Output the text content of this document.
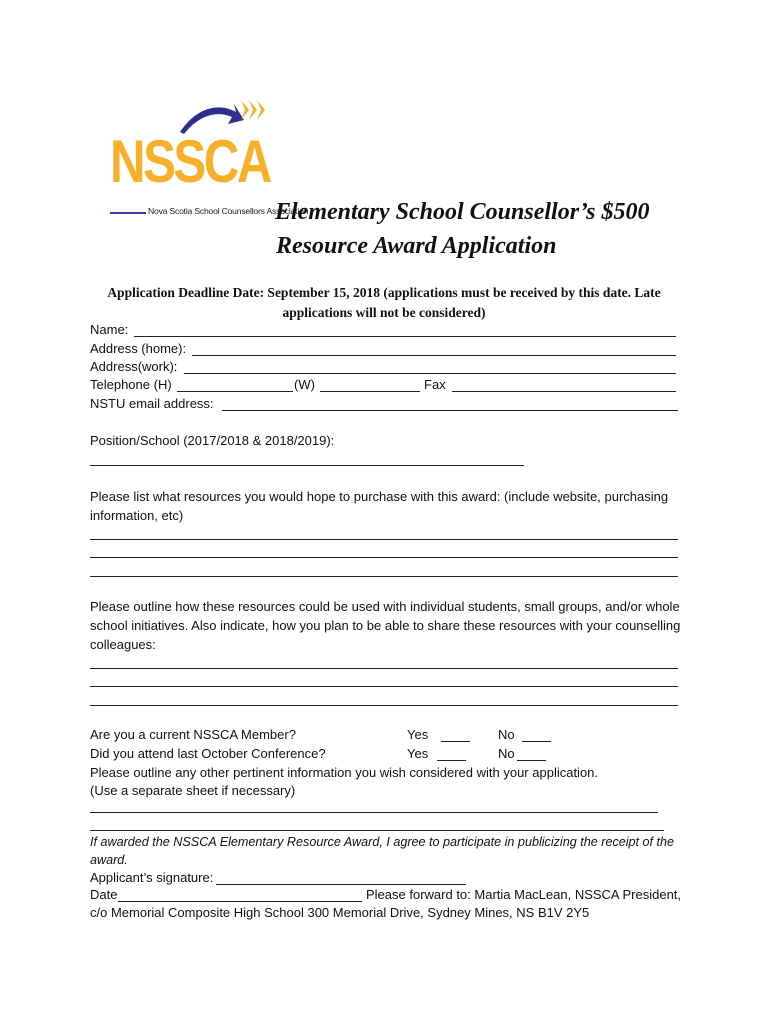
NSSCA
Nova Scotia School Counsellors Association
Elementary School Counsellor’s $500
Resource Award Application
Application Deadline Date: September 15, 2018 (applications must be received by this date. Late applications will not be considered)
Name:
Address (home):
Address(work):
Telephone (H)	(W)	Fax
NSTU email address:
Position/School (2017/2018 & 2018/2019):
Please list what resources you would hope to purchase with this award: (include website, purchasing information, etc)
Please outline how these resources could be used with individual students, small groups, and/or whole school initiatives. Also indicate, how you plan to be able to share these resources with your counselling colleagues:
Are you a current NSSCA Member?	Yes	No
Did you attend last October Conference?	Yes	No
Please outline any other pertinent information you wish considered with your application.
(Use a separate sheet if necessary)
If awarded the NSSCA Elementary Resource Award, I agree to participate in publicizing the receipt of the award.
Applicant’s signature:
Date	Please forward to: Martia MacLean, NSSCA President,
c/o Memorial Composite High School 300 Memorial Drive, Sydney Mines, NS B1V 2Y5
